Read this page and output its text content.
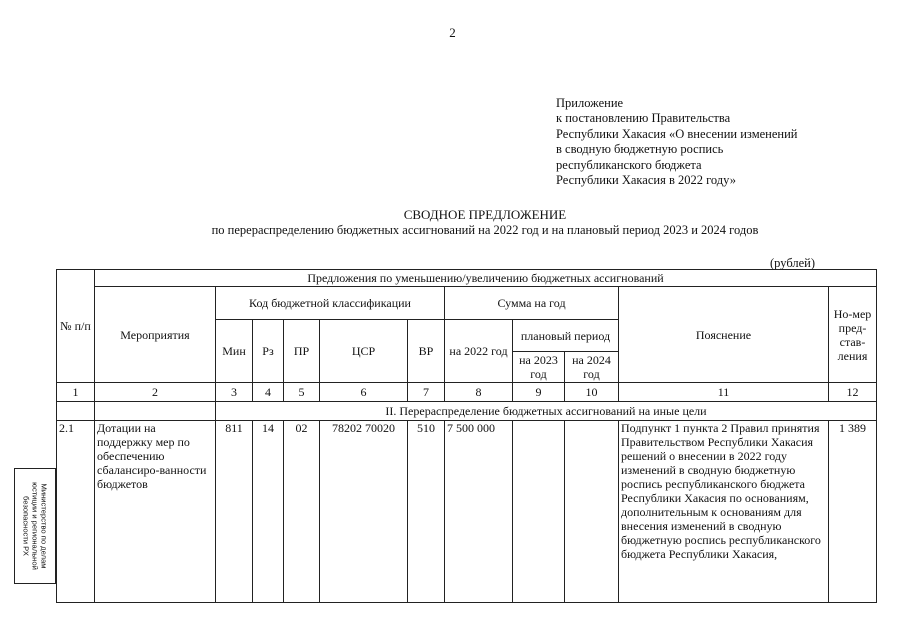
2
Приложение
к постановлению Правительства
Республики Хакасия «О внесении изменений
в сводную бюджетную роспись
республиканского бюджета
Республики Хакасия в 2022 году»
СВОДНОЕ ПРЕДЛОЖЕНИЕ
по перераспределению бюджетных ассигнований на 2022 год и на плановый период 2023 и 2024 годов
(рублей)
№ п/п	Предложения по уменьшению/увеличению бюджетных ассигнований										
	Мероприятия	Код бюджетной классификации					Сумма на год			Пояснение	Но-мер пред-став-ления
		Мин	Рз	ПР	ЦСР	ВР	на 2022 год	плановый период			
								на 2023 год	на 2024 год		
1	2	3	4	5	6	7	8	9	10	11	12
		II. Перераспределение бюджетных ассигнований на иные цели									
2.1	Дотации на поддержку мер по обеспечению сбалансиро-ванности бюджетов	811	14	02	78202 70020	510	7 500 000			Подпункт 1 пункта 2 Правил принятия Правительством Республики Хакасия решений о внесении в 2022 году изменений в сводную бюджетную роспись республиканского бюджета Республики Хакасия по основаниям, дополнительным к основаниям для внесения изменений в сводную бюджетную роспись республиканского бюджета Республики Хакасия,	1 389
Министерство по делам юстиции и региональной безопасности РХ
